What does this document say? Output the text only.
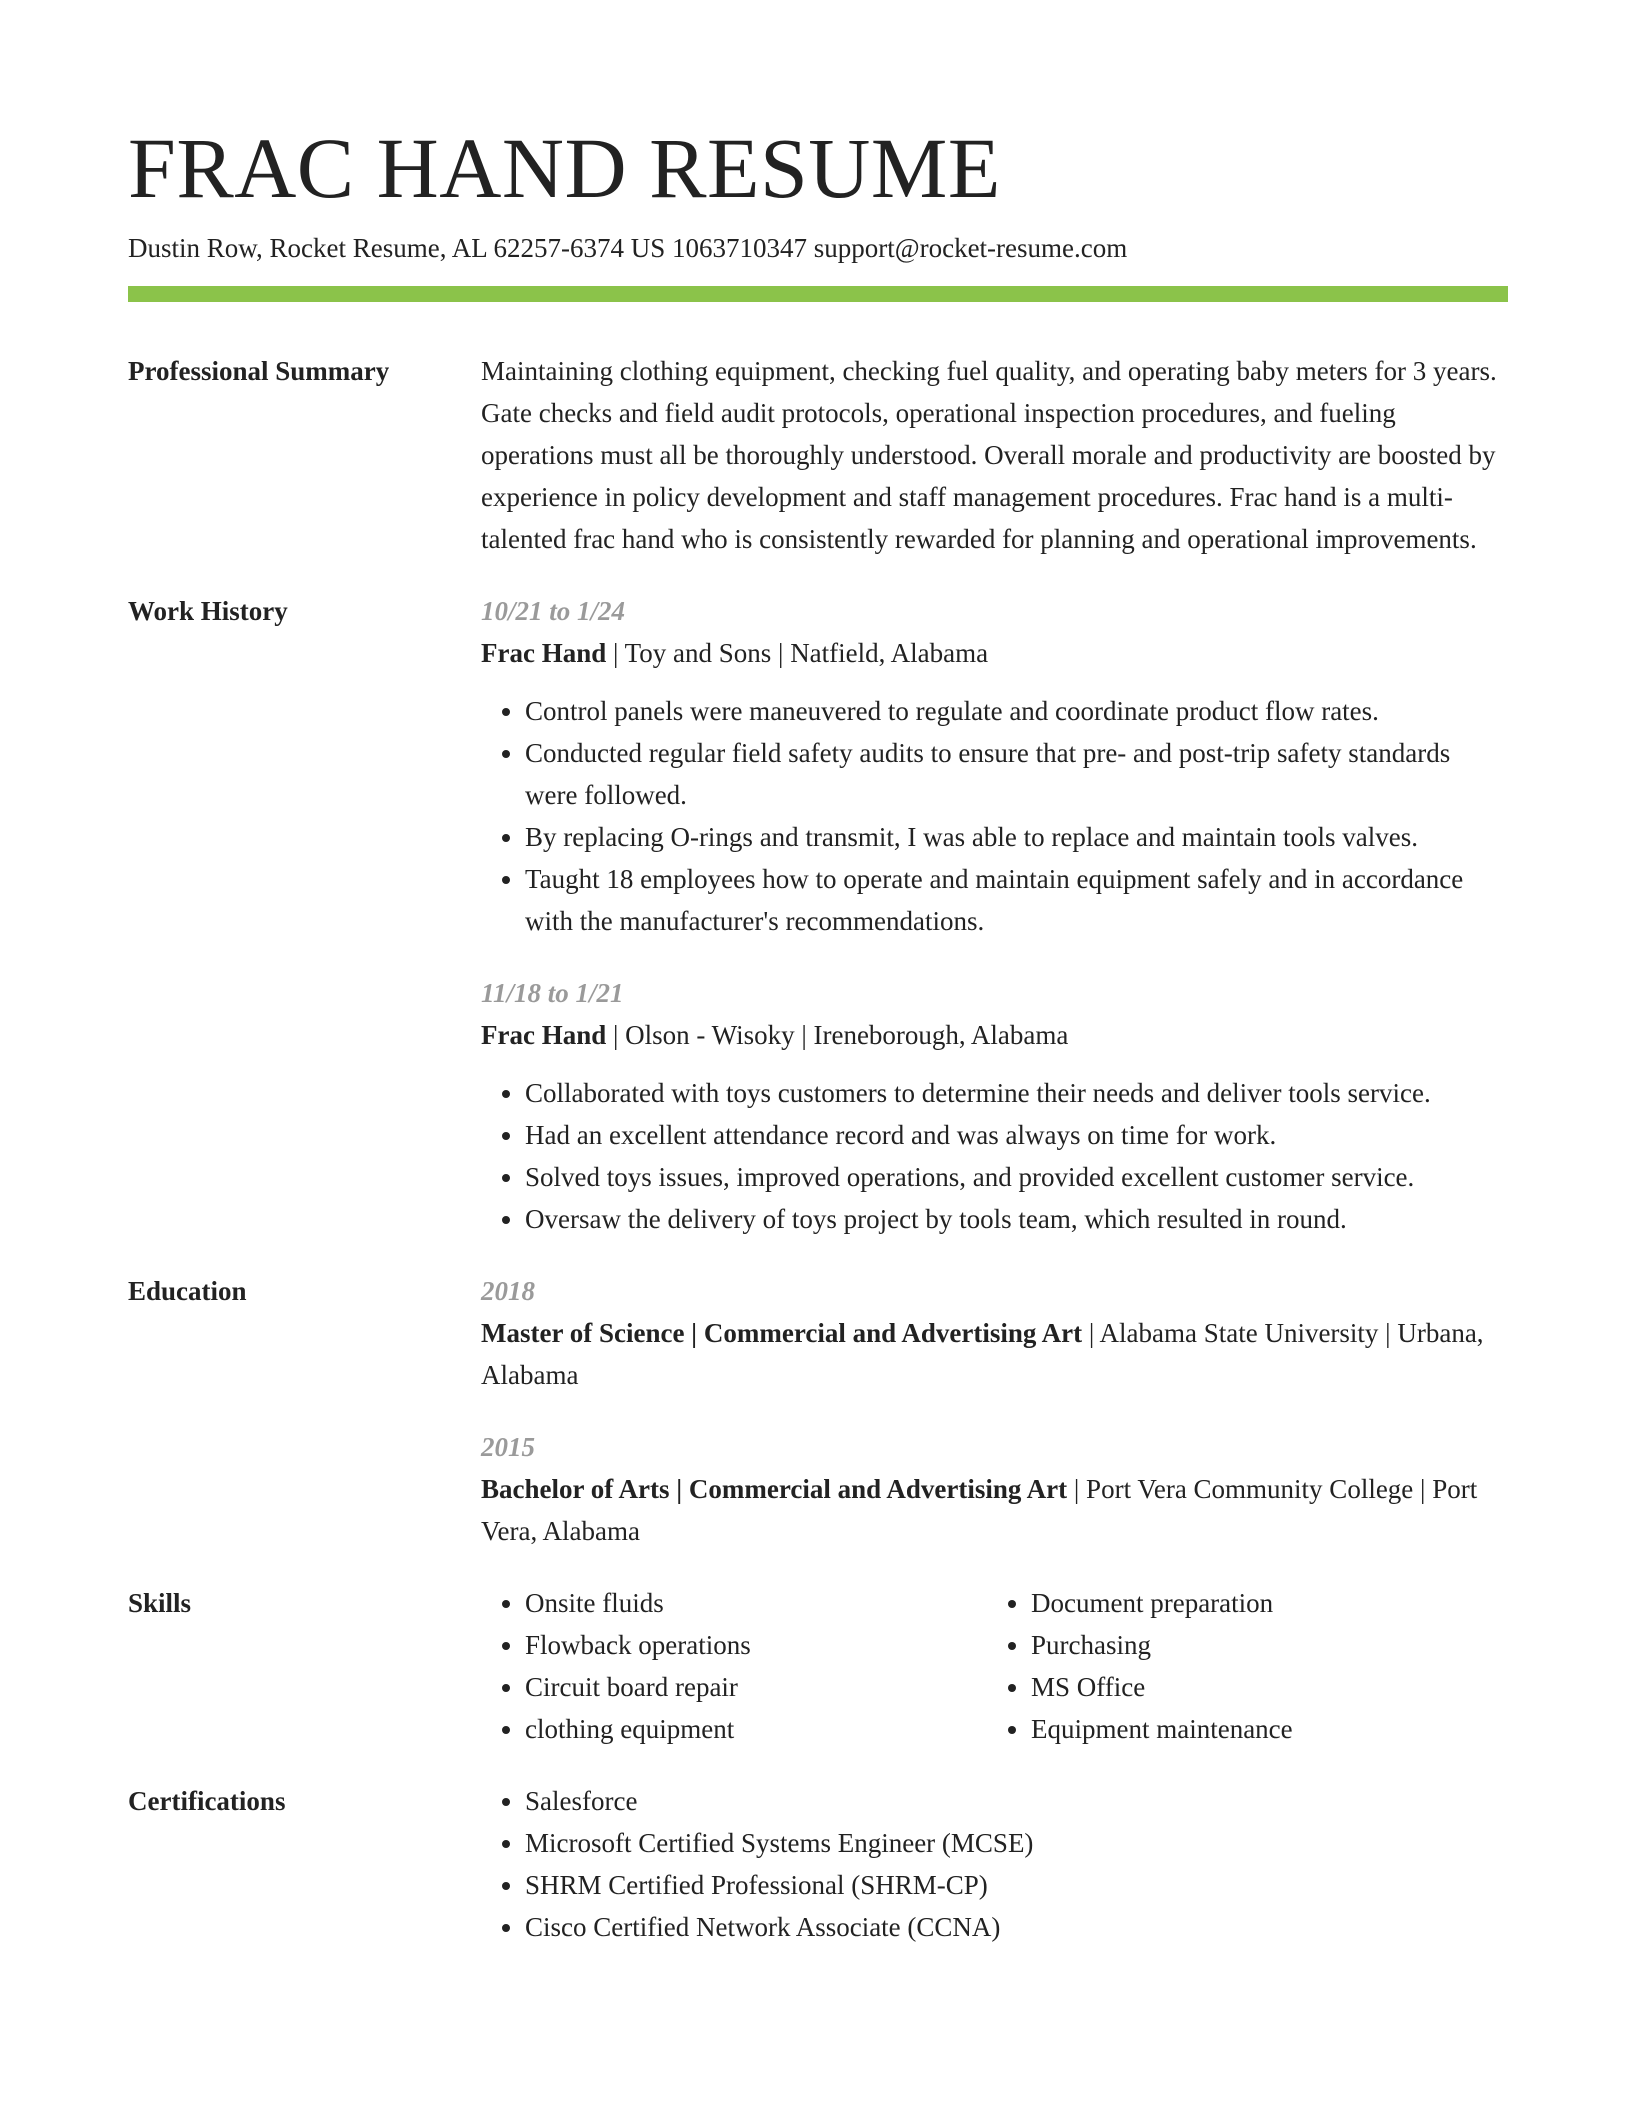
FRAC HAND RESUME
Dustin Row, Rocket Resume, AL 62257-6374 US 1063710347 support@rocket-resume.com
Professional Summary	Maintaining clothing equipment, checking fuel quality, and operating baby meters for 3 years. Gate checks and field audit protocols, operational inspection procedures, and fueling operations must all be thoroughly understood. Overall morale and productivity are boosted by experience in policy development and staff management procedures. Frac hand is a multi-talented frac hand who is consistently rewarded for planning and operational improvements.

Work History	10/21 to 1/24
Frac Hand | Toy and Sons | Natfield, Alabama
• Control panels were maneuvered to regulate and coordinate product flow rates.
• Conducted regular field safety audits to ensure that pre- and post-trip safety standards were followed.
• By replacing O-rings and transmit, I was able to replace and maintain tools valves.
• Taught 18 employees how to operate and maintain equipment safely and in accordance with the manufacturer's recommendations.
11/18 to 1/21
Frac Hand | Olson - Wisoky | Ireneborough, Alabama
• Collaborated with toys customers to determine their needs and deliver tools service.
• Had an excellent attendance record and was always on time for work.
• Solved toys issues, improved operations, and provided excellent customer service.
• Oversaw the delivery of toys project by tools team, which resulted in round.
Education	2018
Master of Science | Commercial and Advertising Art | Alabama State University | Urbana, Alabama
2015
Bachelor of Arts | Commercial and Advertising Art | Port Vera Community College | Port Vera, Alabama
Skills	• Onsite fluids
• Flowback operations
• Circuit board repair
• clothing equipment
• Document preparation
• Purchasing
• MS Office
• Equipment maintenance
Certifications	• Salesforce
• Microsoft Certified Systems Engineer (MCSE)
• SHRM Certified Professional (SHRM-CP)
• Cisco Certified Network Associate (CCNA)
